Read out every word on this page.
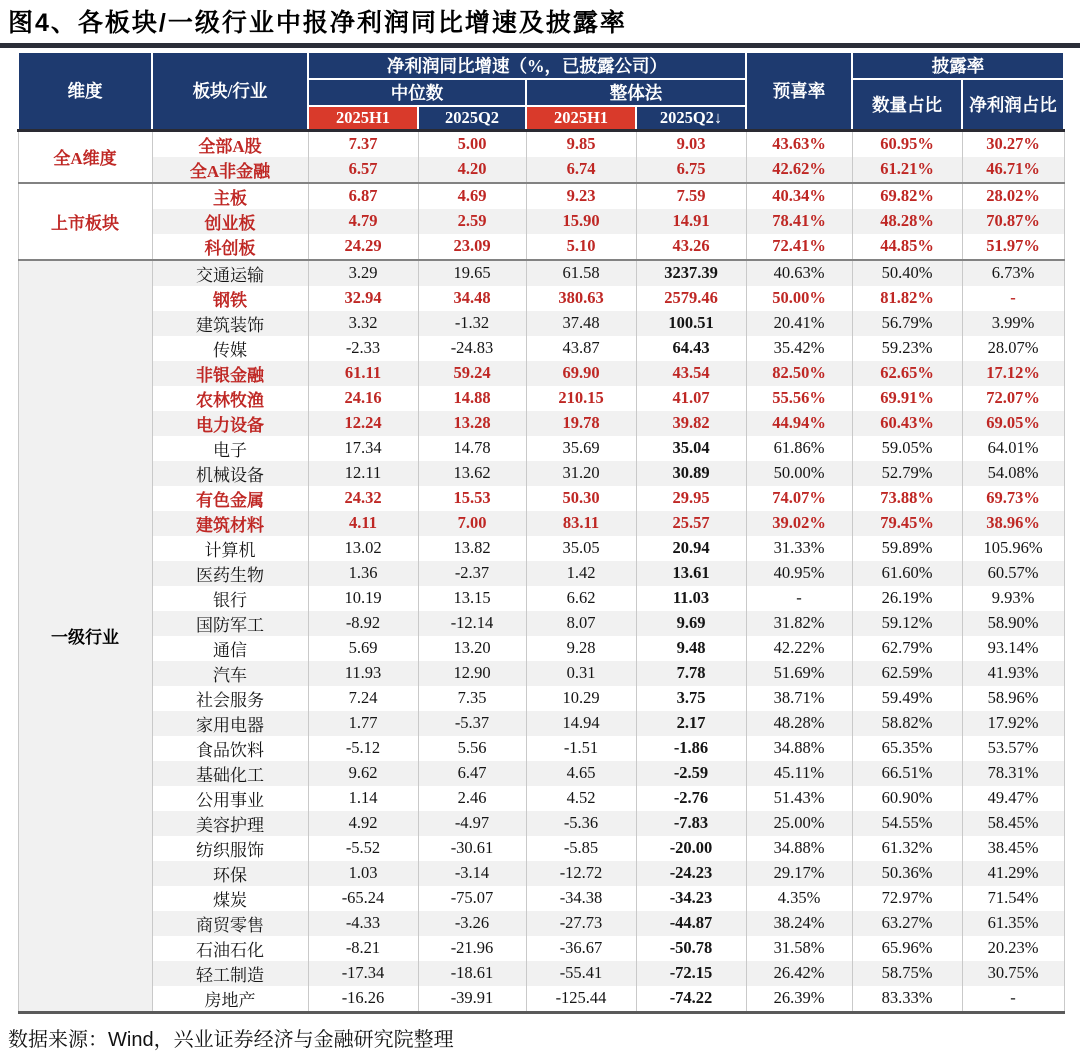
图4、各板块/一级行业中报净利润同比增速及披露率
维度	板块/行业	净利润同比增速（%，已披露公司）				预喜率	披露率	
		中位数		整体法			数量占比	净利润占比
		2025H1	2025Q2	2025H1	2025Q2↓			
全A维度	全部A股	7.37	5.00	9.85	9.03	43.63%	60.95%	30.27%
	全A非金融	6.57	4.20	6.74	6.75	42.62%	61.21%	46.71%
上市板块	主板	6.87	4.69	9.23	7.59	40.34%	69.82%	28.02%
	创业板	4.79	2.59	15.90	14.91	78.41%	48.28%	70.87%
	科创板	24.29	23.09	5.10	43.26	72.41%	44.85%	51.97%
一级行业	交通运输	3.29	19.65	61.58	3237.39	40.63%	50.40%	6.73%
	钢铁	32.94	34.48	380.63	2579.46	50.00%	81.82%	-
	建筑装饰	3.32	-1.32	37.48	100.51	20.41%	56.79%	3.99%
	传媒	-2.33	-24.83	43.87	64.43	35.42%	59.23%	28.07%
	非银金融	61.11	59.24	69.90	43.54	82.50%	62.65%	17.12%
	农林牧渔	24.16	14.88	210.15	41.07	55.56%	69.91%	72.07%
	电力设备	12.24	13.28	19.78	39.82	44.94%	60.43%	69.05%
	电子	17.34	14.78	35.69	35.04	61.86%	59.05%	64.01%
	机械设备	12.11	13.62	31.20	30.89	50.00%	52.79%	54.08%
	有色金属	24.32	15.53	50.30	29.95	74.07%	73.88%	69.73%
	建筑材料	4.11	7.00	83.11	25.57	39.02%	79.45%	38.96%
	计算机	13.02	13.82	35.05	20.94	31.33%	59.89%	105.96%
	医药生物	1.36	-2.37	1.42	13.61	40.95%	61.60%	60.57%
	银行	10.19	13.15	6.62	11.03	-	26.19%	9.93%
	国防军工	-8.92	-12.14	8.07	9.69	31.82%	59.12%	58.90%
	通信	5.69	13.20	9.28	9.48	42.22%	62.79%	93.14%
	汽车	11.93	12.90	0.31	7.78	51.69%	62.59%	41.93%
	社会服务	7.24	7.35	10.29	3.75	38.71%	59.49%	58.96%
	家用电器	1.77	-5.37	14.94	2.17	48.28%	58.82%	17.92%
	食品饮料	-5.12	5.56	-1.51	-1.86	34.88%	65.35%	53.57%
	基础化工	9.62	6.47	4.65	-2.59	45.11%	66.51%	78.31%
	公用事业	1.14	2.46	4.52	-2.76	51.43%	60.90%	49.47%
	美容护理	4.92	-4.97	-5.36	-7.83	25.00%	54.55%	58.45%
	纺织服饰	-5.52	-30.61	-5.85	-20.00	34.88%	61.32%	38.45%
	环保	1.03	-3.14	-12.72	-24.23	29.17%	50.36%	41.29%
	煤炭	-65.24	-75.07	-34.38	-34.23	4.35%	72.97%	71.54%
	商贸零售	-4.33	-3.26	-27.73	-44.87	38.24%	63.27%	61.35%
	石油石化	-8.21	-21.96	-36.67	-50.78	31.58%	65.96%	20.23%
	轻工制造	-17.34	-18.61	-55.41	-72.15	26.42%	58.75%	30.75%
	房地产	-16.26	-39.91	-125.44	-74.22	26.39%	83.33%	-
数据来源：Wind，兴业证券经济与金融研究院整理
